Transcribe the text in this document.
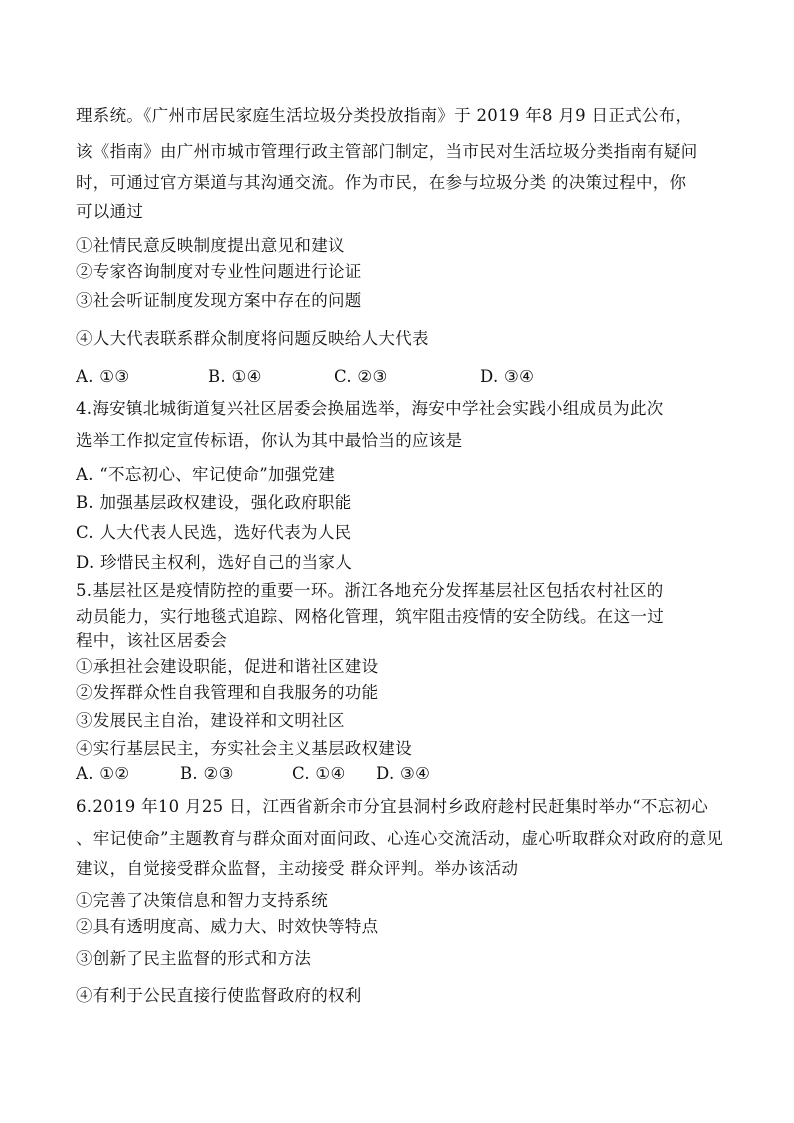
理系统。《广州市居民家庭生活垃圾分类投放指南》于 2019 年8 月9 日正式公布，
该《指南》由广州市城市管理行政主管部门制定，当市民对生活垃圾分类指南有疑问
时，可通过官方渠道与其沟通交流。作为市民，在参与垃圾分类 的决策过程中，你
可以通过
①社情民意反映制度提出意见和建议
②专家咨询制度对专业性问题进行论证
③社会听证制度发现方案中存在的问题
④人大代表联系群众制度将问题反映给人大代表
A. ①③	B. ①④	C. ②③	D. ③④
4.海安镇北城街道复兴社区居委会换届选举，海安中学社会实践小组成员为此次
选举工作拟定宣传标语，你认为其中最恰当的应该是
A. “不忘初心、牢记使命”加强党建
B. 加强基层政权建设，强化政府职能
C. 人大代表人民选，选好代表为人民
D. 珍惜民主权利，选好自己的当家人
5.基层社区是疫情防控的重要一环。浙江各地充分发挥基层社区包括农村社区的
动员能力，实行地毯式追踪、网格化管理，筑牢阻击疫情的安全防线。在这一过
程中，该社区居委会
①承担社会建设职能，促进和谐社区建设
②发挥群众性自我管理和自我服务的功能
③发展民主自治，建设祥和文明社区
④实行基层民主，夯实社会主义基层政权建设
A. ①②	B. ②③	C. ①④	D. ③④
6.2019 年10 月25 日，江西省新余市分宜县洞村乡政府趁村民赶集时举办“不忘初心
、牢记使命”主题教育与群众面对面问政、心连心交流活动，虚心听取群众对政府的意见
建议，自觉接受群众监督，主动接受 群众评判。举办该活动
①完善了决策信息和智力支持系统
②具有透明度高、威力大、时效快等特点
③创新了民主监督的形式和方法
④有利于公民直接行使监督政府的权利
